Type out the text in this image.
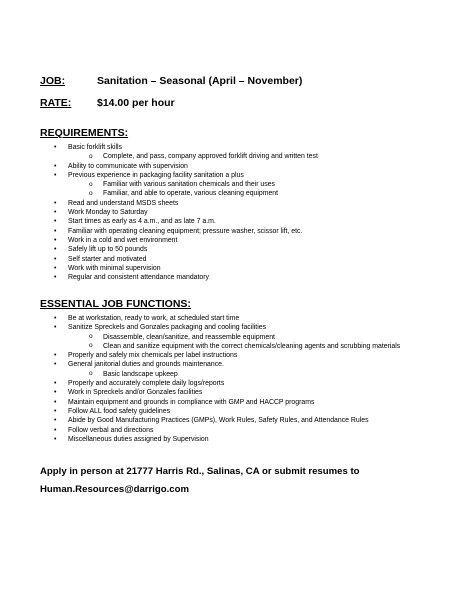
JOB:	Sanitation – Seasonal (April – November)
RATE: $14.00 per hour
REQUIREMENTS:
• Basic forklift skills
o Complete, and pass, company approved forklift driving and written test
• Ability to communicate with supervision
• Previous experience in packaging facility sanitation a plus
o Familiar with various sanitation chemicals and their uses
o Familiar, and able to operate, various cleaning equipment
• Read and understand MSDS sheets
• Work Monday to Saturday
• Start times as early as 4 a.m., and as late 7 a.m.
• Familiar with operating cleaning equipment; pressure washer, scissor lift, etc.
• Work in a cold and wet environment
• Safely lift up to 50 pounds
• Self starter and motivated
• Work with minimal supervision
• Regular and consistent attendance mandatory
ESSENTIAL JOB FUNCTIONS:
• Be at workstation, ready to work, at scheduled start time
• Sanitize Spreckels and Gonzales packaging and cooling facilities
o Disassemble, clean/sanitize, and reassemble equipment
o Clean and sanitize equipment with the correct chemicals/cleaning agents and scrubbing materials
• Properly and safely mix chemicals per label instructions
• General janitorial duties and grounds maintenance.
o Basic landscape upkeep
• Properly and accurately complete daily logs/reports
• Work in Spreckels and/or Gonzales facilities
• Maintain equipment and grounds in compliance with GMP and HACCP programs
• Follow ALL food safety guidelines
• Abide by Good Manufacturing Practices (GMPs), Work Rules, Safety Rules, and Attendance Rules
• Follow verbal and directions
• Miscellaneous duties assigned by Supervision
Apply in person at 21777 Harris Rd., Salinas, CA or submit resumes to
Human.Resources@darrigo.com
